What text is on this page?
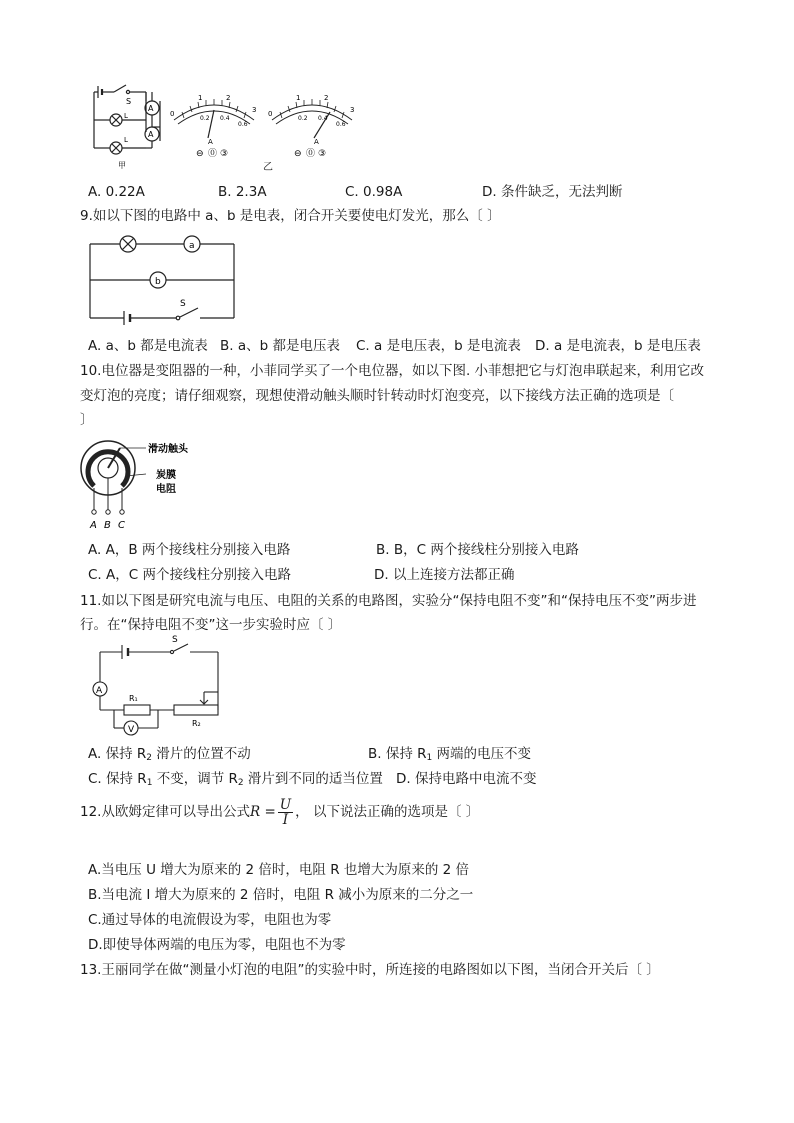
S
A
A
L
L
甲
0
1	2
3
0.2 0.4
0.6
A
⊖ ⓪ ③
0
1	2
3
0.2 0.4
0.6
A
⊖ ⓪ ③
乙
A. 0.22A	B. 2.3A	C. 0.98A	D. 条件缺乏，无法判断
9.如以下图的电路中 a、b 是电表，闭合开关要使电灯发光，那么〔 〕
a
b
S
A. a、b 都是电流表 B. a、b 都是电压表 C. a 是电压表，b 是电流表 D. a 是电流表，b 是电压表
10.电位器是变阻器的一种，小菲同学买了一个电位器，如以下图. 小菲想把它与灯泡串联起来，利用它改
变灯泡的亮度；请仔细观察，现想使滑动触头顺时针转动时灯泡变亮，以下接线方法正确的选项是〔
〕
滑动触头
炭膜
电阻
A B C
A. A，B 两个接线柱分别接入电路	B. B，C 两个接线柱分别接入电路
C. A，C 两个接线柱分别接入电路	D. 以上连接方法都正确
11.如以下图是研究电流与电压、电阻的关系的电路图，实验分“保持电阻不变”和“保持电压不变”两步进
行。在“保持电阻不变”这一步实验时应〔 〕
S
A
V
R₁
R₂
A. 保持 $R_2$ 滑片的位置不动	B. 保持 $R_1$ 两端的电压不变
C. 保持 $R_1$ 不变，调节 $R_2$ 滑片到不同的适当位置 D. 保持电路中电流不变
12.从欧姆定律可以导出公式$R = \frac{U}{I}$ ， 以下说法正确的选项是〔 〕
A.当电压 U 增大为原来的 2 倍时，电阻 R 也增大为原来的 2 倍
B.当电流 I 增大为原来的 2 倍时，电阻 R 减小为原来的二分之一
C.通过导体的电流假设为零，电阻也为零
D.即使导体两端的电压为零，电阻也不为零
13.王丽同学在做“测量小灯泡的电阻”的实验中时，所连接的电路图如以下图，当闭合开关后〔 〕
